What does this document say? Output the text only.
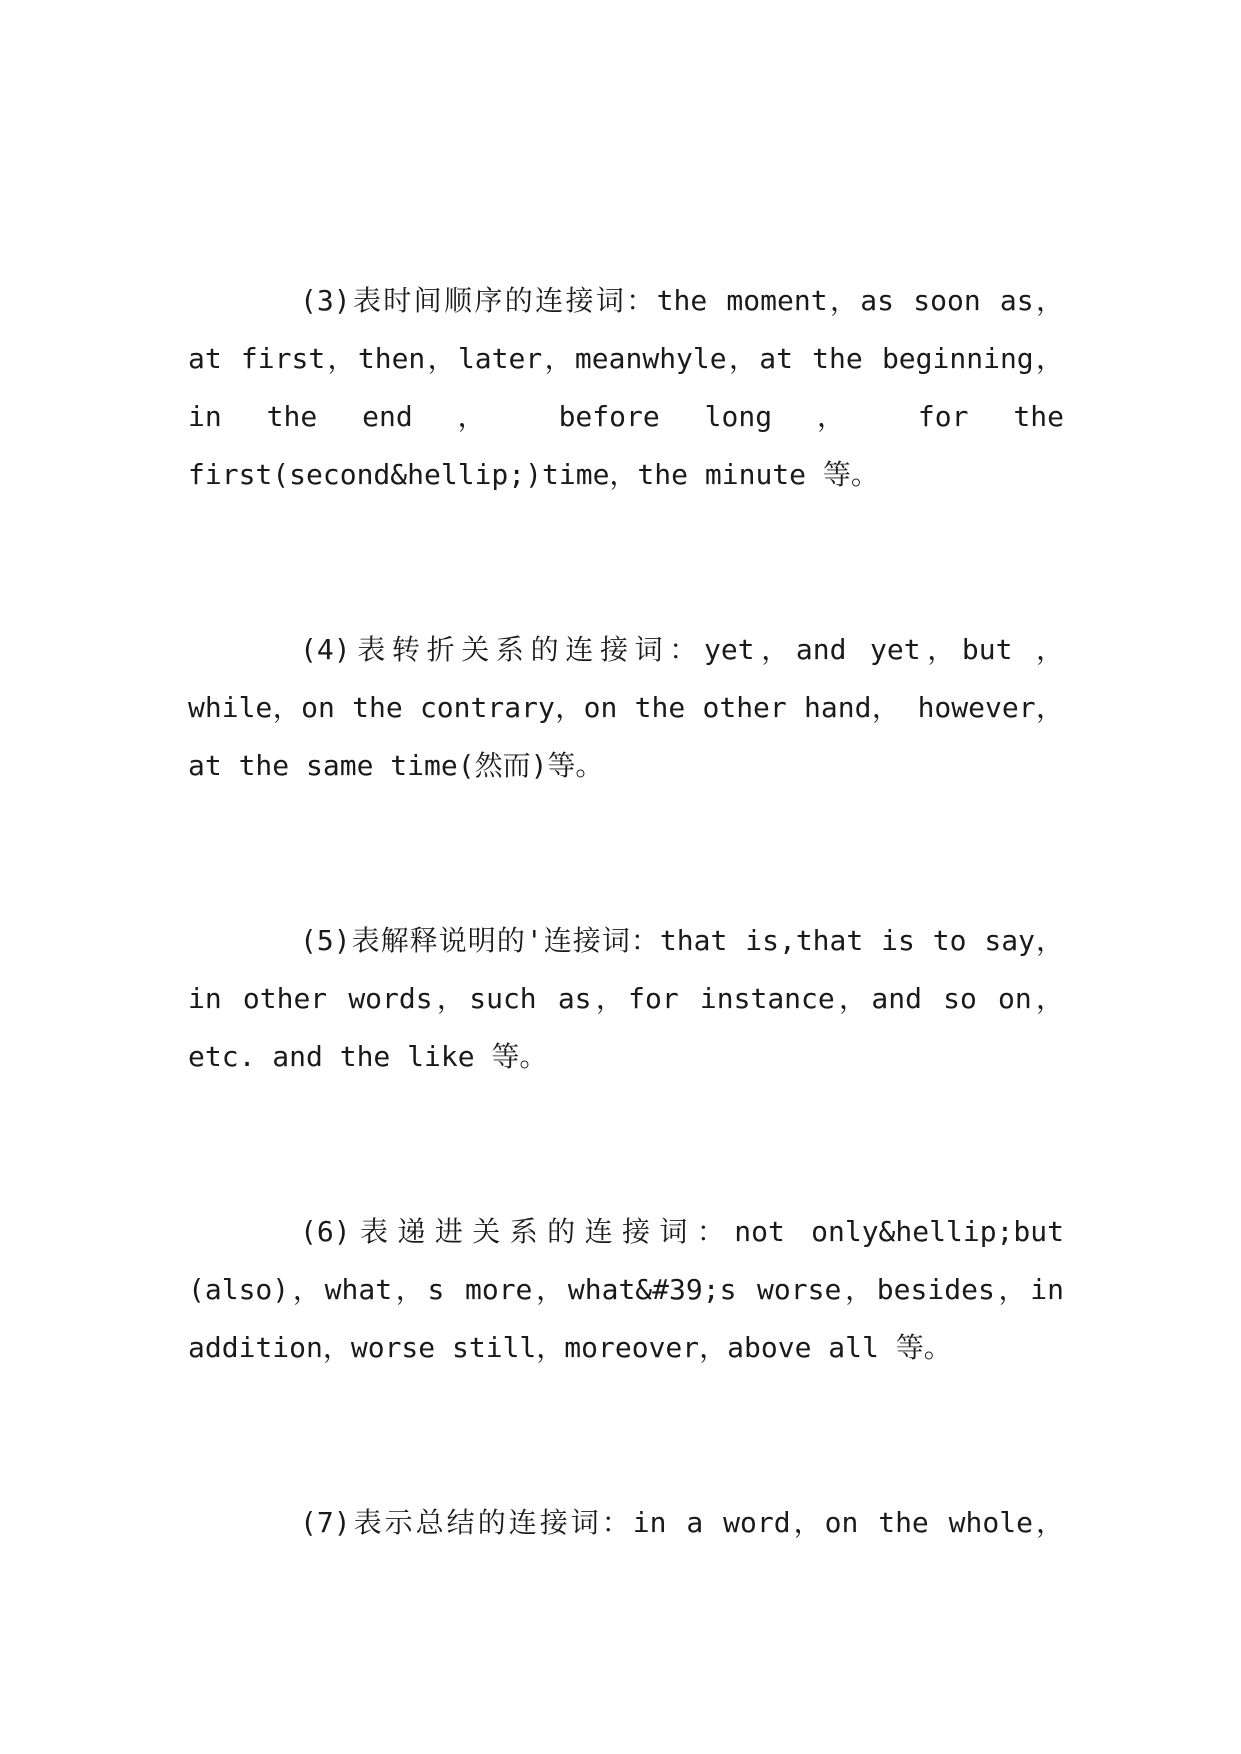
(3)表时间顺序的连接词：the moment，as soon as，
at first，then，later，meanwhyle，at the beginning，
in the end ， before long ， for the
first(second&hellip;)time，the minute 等。
(4)表转折关系的连接词：yet，and yet，but ，
while，on the contrary，on the other hand， however，
at the same time(然而)等。
(5)表解释说明的'连接词：that is,that is to say，
in other words，such as，for instance，and so on，
etc. and the like 等。
(6)表递进关系的连接词：not only&hellip;but
(also)，what，s more，what&#39;s worse，besides，in
addition，worse still，moreover，above all 等。
(7)表示总结的连接词：in a word，on the whole，
